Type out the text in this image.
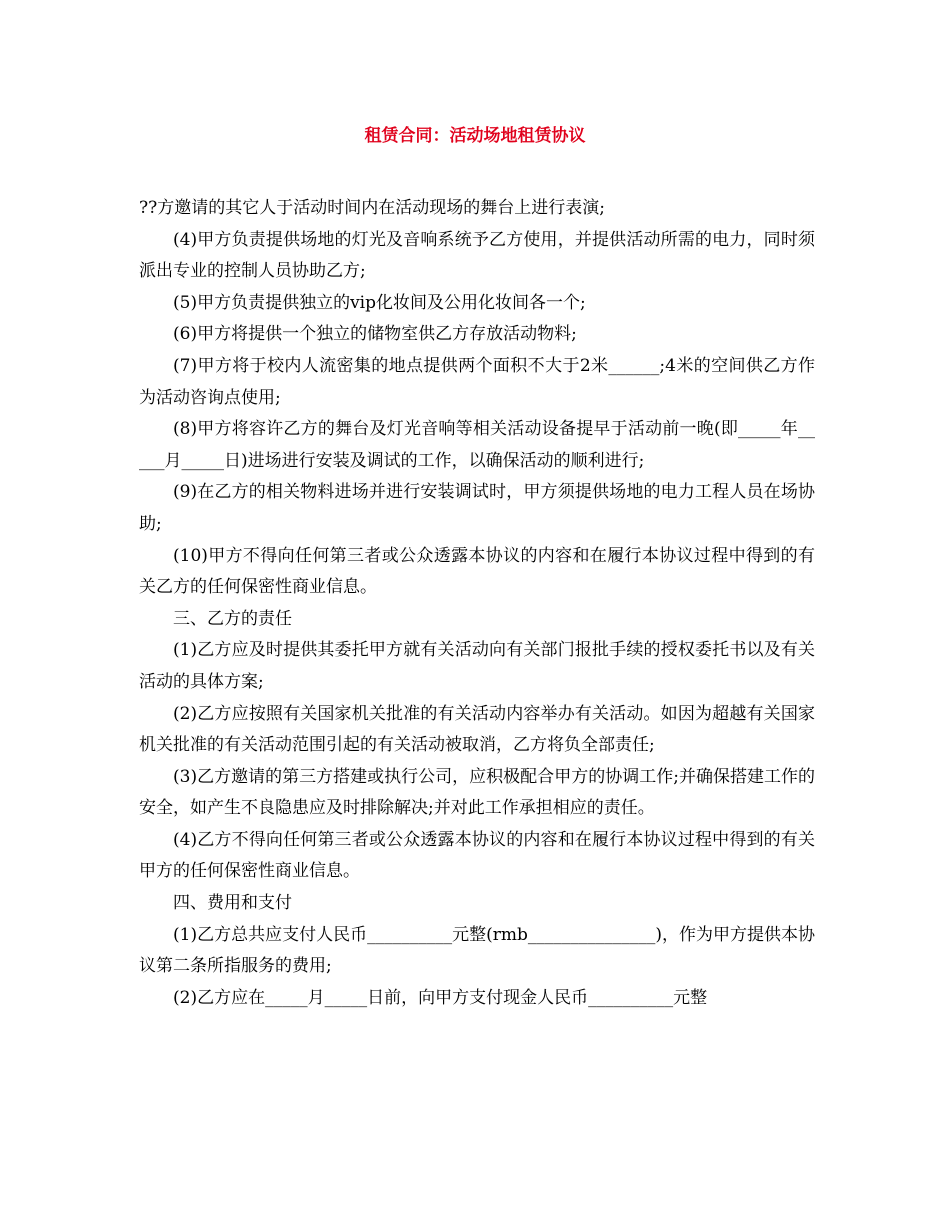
租赁合同：活动场地租赁协议

??方邀请的其它人于活动时间内在活动现场的舞台上进行表演;

(4)甲方负责提供场地的灯光及音响系统予乙方使用，并提供活动所需的电力，同时须派出专业的控制人员协助乙方;

(5)甲方负责提供独立的vip化妆间及公用化妆间各一个;

(6)甲方将提供一个独立的储物室供乙方存放活动物料;

(7)甲方将于校内人流密集的地点提供两个面积不大于2米______;4米的空间供乙方作为活动咨询点使用;

(8)甲方将容许乙方的舞台及灯光音响等相关活动设备提早于活动前一晚(即_____年_____月_____日)进场进行安装及调试的工作，以确保活动的顺利进行;

(9)在乙方的相关物料进场并进行安装调试时，甲方须提供场地的电力工程人员在场协助;

(10)甲方不得向任何第三者或公众透露本协议的内容和在履行本协议过程中得到的有关乙方的任何保密性商业信息。

三、乙方的责任

(1)乙方应及时提供其委托甲方就有关活动向有关部门报批手续的授权委托书以及有关活动的具体方案;

(2)乙方应按照有关国家机关批准的有关活动内容举办有关活动。如因为超越有关国家机关批准的有关活动范围引起的有关活动被取消，乙方将负全部责任;

(3)乙方邀请的第三方搭建或执行公司，应积极配合甲方的协调工作;并确保搭建工作的安全，如产生不良隐患应及时排除解决;并对此工作承担相应的责任。

(4)乙方不得向任何第三者或公众透露本协议的内容和在履行本协议过程中得到的有关甲方的任何保密性商业信息。

四、费用和支付

(1)乙方总共应支付人民币__________元整(rmb_______________)，作为甲方提供本协议第二条所指服务的费用;

(2)乙方应在_____月_____日前，向甲方支付现金人民币__________元整
